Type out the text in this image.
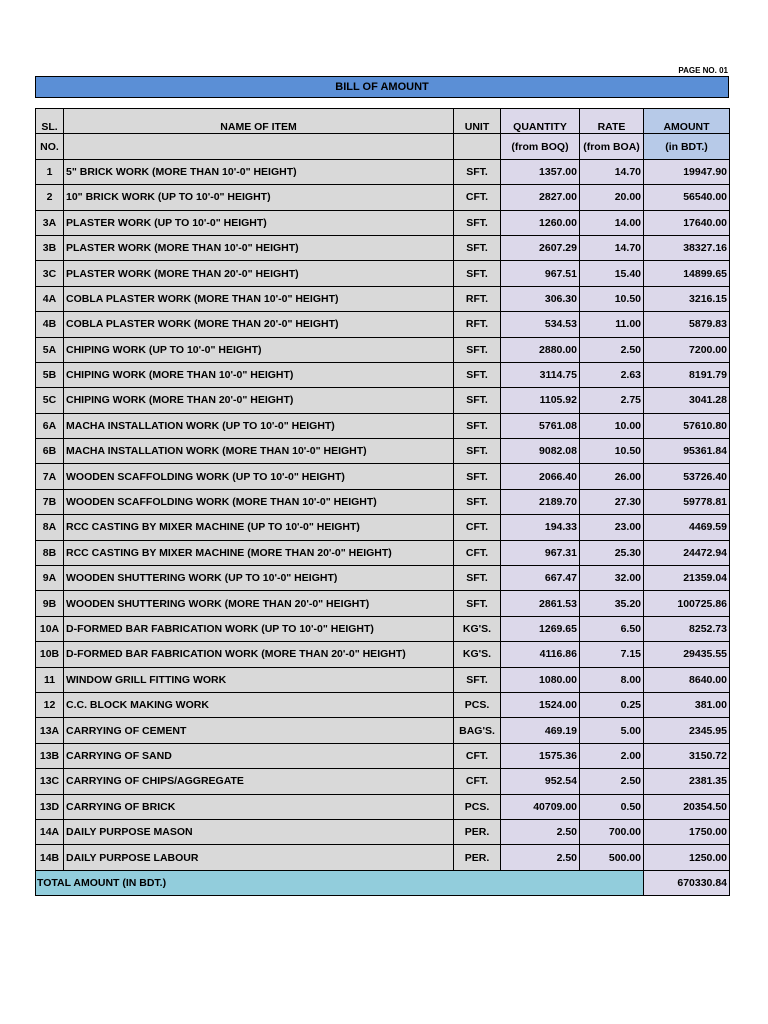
PAGE NO. 01
BILL OF AMOUNT
SL.	NAME OF ITEM	UNIT	QUANTITY	RATE	AMOUNT
NO.			(from BOQ)	(from BOA)	(in BDT.)
1	5" BRICK WORK (MORE THAN 10'-0" HEIGHT)	SFT.	1357.00	14.70	19947.90
2	10" BRICK WORK (UP TO 10'-0" HEIGHT)	CFT.	2827.00	20.00	56540.00
3A	PLASTER WORK (UP TO 10'-0" HEIGHT)	SFT.	1260.00	14.00	17640.00
3B	PLASTER WORK (MORE THAN 10'-0" HEIGHT)	SFT.	2607.29	14.70	38327.16
3C	PLASTER WORK (MORE THAN 20'-0" HEIGHT)	SFT.	967.51	15.40	14899.65
4A	COBLA PLASTER WORK (MORE THAN 10'-0" HEIGHT)	RFT.	306.30	10.50	3216.15
4B	COBLA PLASTER WORK (MORE THAN 20'-0" HEIGHT)	RFT.	534.53	11.00	5879.83
5A	CHIPING WORK (UP TO 10'-0" HEIGHT)	SFT.	2880.00	2.50	7200.00
5B	CHIPING WORK (MORE THAN 10'-0" HEIGHT)	SFT.	3114.75	2.63	8191.79
5C	CHIPING WORK (MORE THAN 20'-0" HEIGHT)	SFT.	1105.92	2.75	3041.28
6A	MACHA INSTALLATION WORK (UP TO 10'-0" HEIGHT)	SFT.	5761.08	10.00	57610.80
6B	MACHA INSTALLATION WORK (MORE THAN 10'-0" HEIGHT)	SFT.	9082.08	10.50	95361.84
7A	WOODEN SCAFFOLDING WORK (UP TO 10'-0" HEIGHT)	SFT.	2066.40	26.00	53726.40
7B	WOODEN SCAFFOLDING WORK (MORE THAN 10'-0" HEIGHT)	SFT.	2189.70	27.30	59778.81
8A	RCC CASTING BY MIXER MACHINE (UP TO 10'-0" HEIGHT)	CFT.	194.33	23.00	4469.59
8B	RCC CASTING BY MIXER MACHINE (MORE THAN 20'-0" HEIGHT)	CFT.	967.31	25.30	24472.94
9A	WOODEN SHUTTERING WORK (UP TO 10'-0" HEIGHT)	SFT.	667.47	32.00	21359.04
9B	WOODEN SHUTTERING WORK (MORE THAN 20'-0" HEIGHT)	SFT.	2861.53	35.20	100725.86
10A	D-FORMED BAR FABRICATION WORK (UP TO 10'-0" HEIGHT)	KG'S.	1269.65	6.50	8252.73
10B	D-FORMED BAR FABRICATION WORK (MORE THAN 20'-0" HEIGHT)	KG'S.	4116.86	7.15	29435.55
11	WINDOW GRILL FITTING WORK	SFT.	1080.00	8.00	8640.00
12	C.C. BLOCK MAKING WORK	PCS.	1524.00	0.25	381.00
13A	CARRYING OF CEMENT	BAG'S.	469.19	5.00	2345.95
13B	CARRYING OF SAND	CFT.	1575.36	2.00	3150.72
13C	CARRYING OF CHIPS/AGGREGATE	CFT.	952.54	2.50	2381.35
13D	CARRYING OF BRICK	PCS.	40709.00	0.50	20354.50
14A	DAILY PURPOSE MASON	PER.	2.50	700.00	1750.00
14B	DAILY PURPOSE LABOUR	PER.	2.50	500.00	1250.00
TOTAL AMOUNT (IN BDT.)					670330.84
